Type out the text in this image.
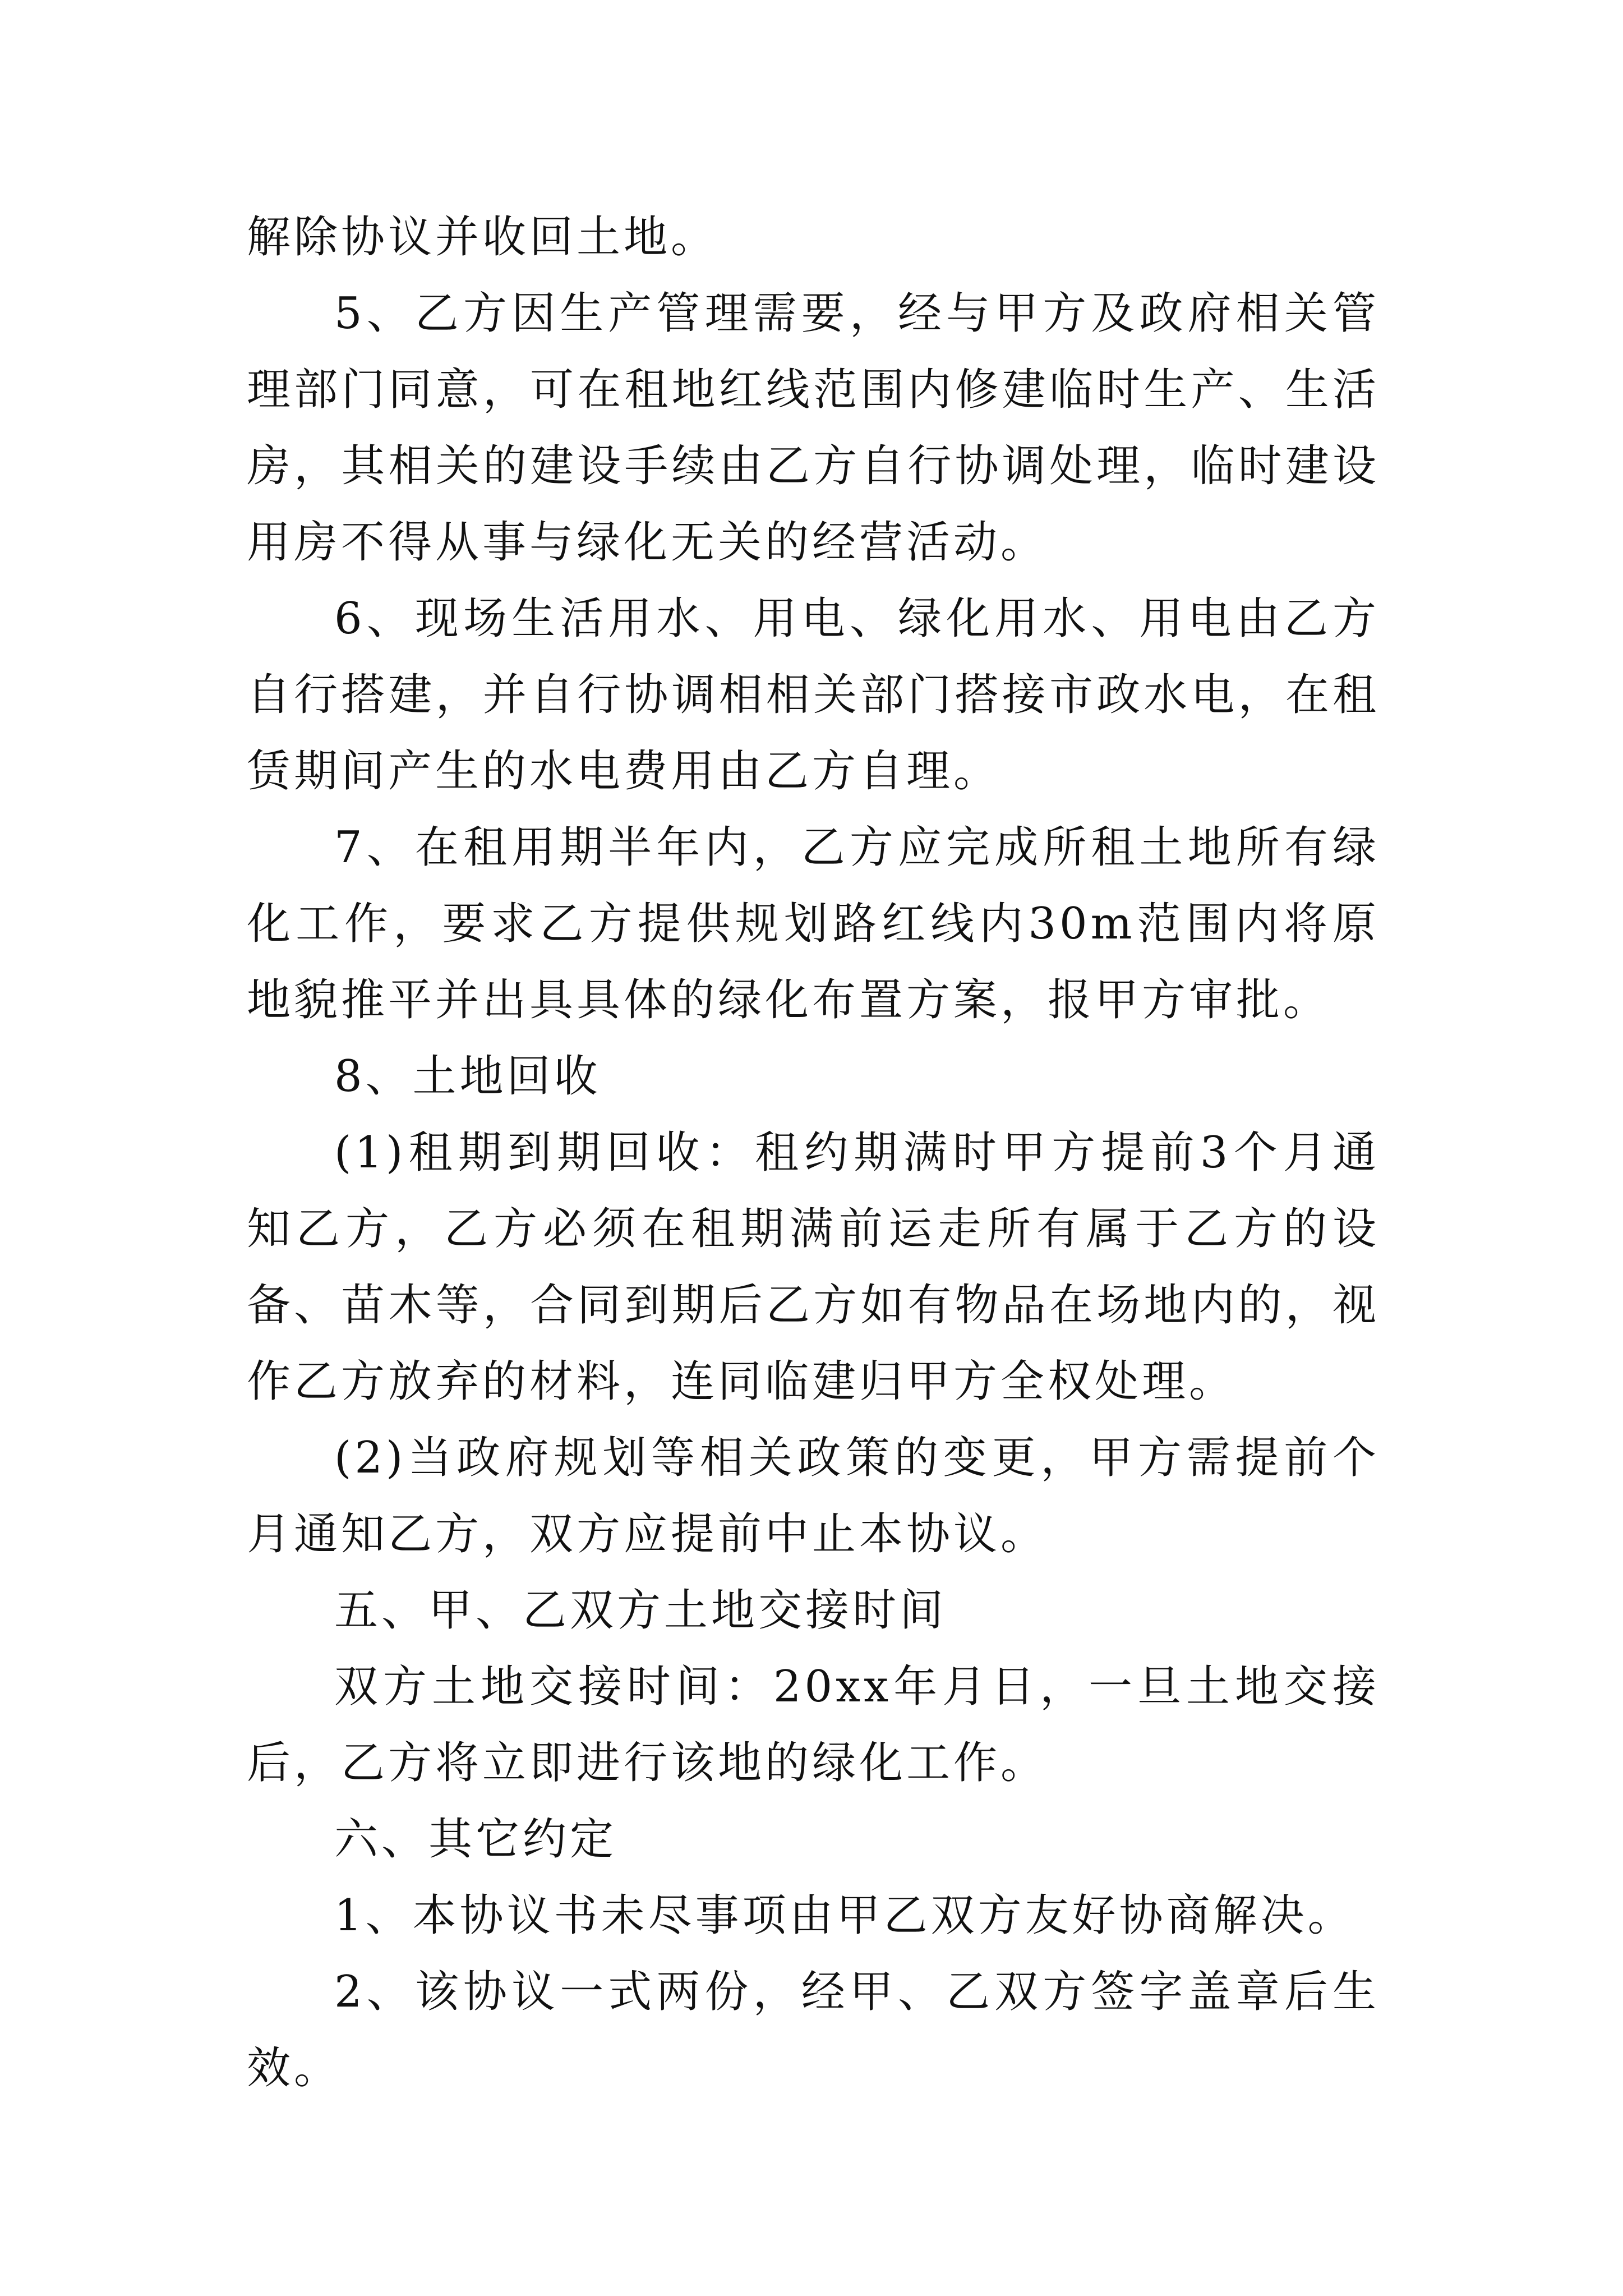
解除协议并收回土地。

5、乙方因生产管理需要，经与甲方及政府相关管理部门同意，可在租地红线范围内修建临时生产、生活房，其相关的建设手续由乙方自行协调处理，临时建设用房不得从事与绿化无关的经营活动。

6、现场生活用水、用电、绿化用水、用电由乙方自行搭建，并自行协调相相关部门搭接市政水电，在租赁期间产生的水电费用由乙方自理。

7、在租用期半年内，乙方应完成所租土地所有绿化工作，要求乙方提供规划路红线内30m范围内将原地貌推平并出具具体的绿化布置方案，报甲方审批。

8、土地回收

(1)租期到期回收：租约期满时甲方提前3个月通知乙方，乙方必须在租期满前运走所有属于乙方的设备、苗木等，合同到期后乙方如有物品在场地内的，视作乙方放弃的材料，连同临建归甲方全权处理。

(2)当政府规划等相关政策的变更，甲方需提前个月通知乙方，双方应提前中止本协议。

五、甲、乙双方土地交接时间

双方土地交接时间：20xx年月日，一旦土地交接后，乙方将立即进行该地的绿化工作。

六、其它约定

1、本协议书未尽事项由甲乙双方友好协商解决。

2、该协议一式两份，经甲、乙双方签字盖章后生效。
